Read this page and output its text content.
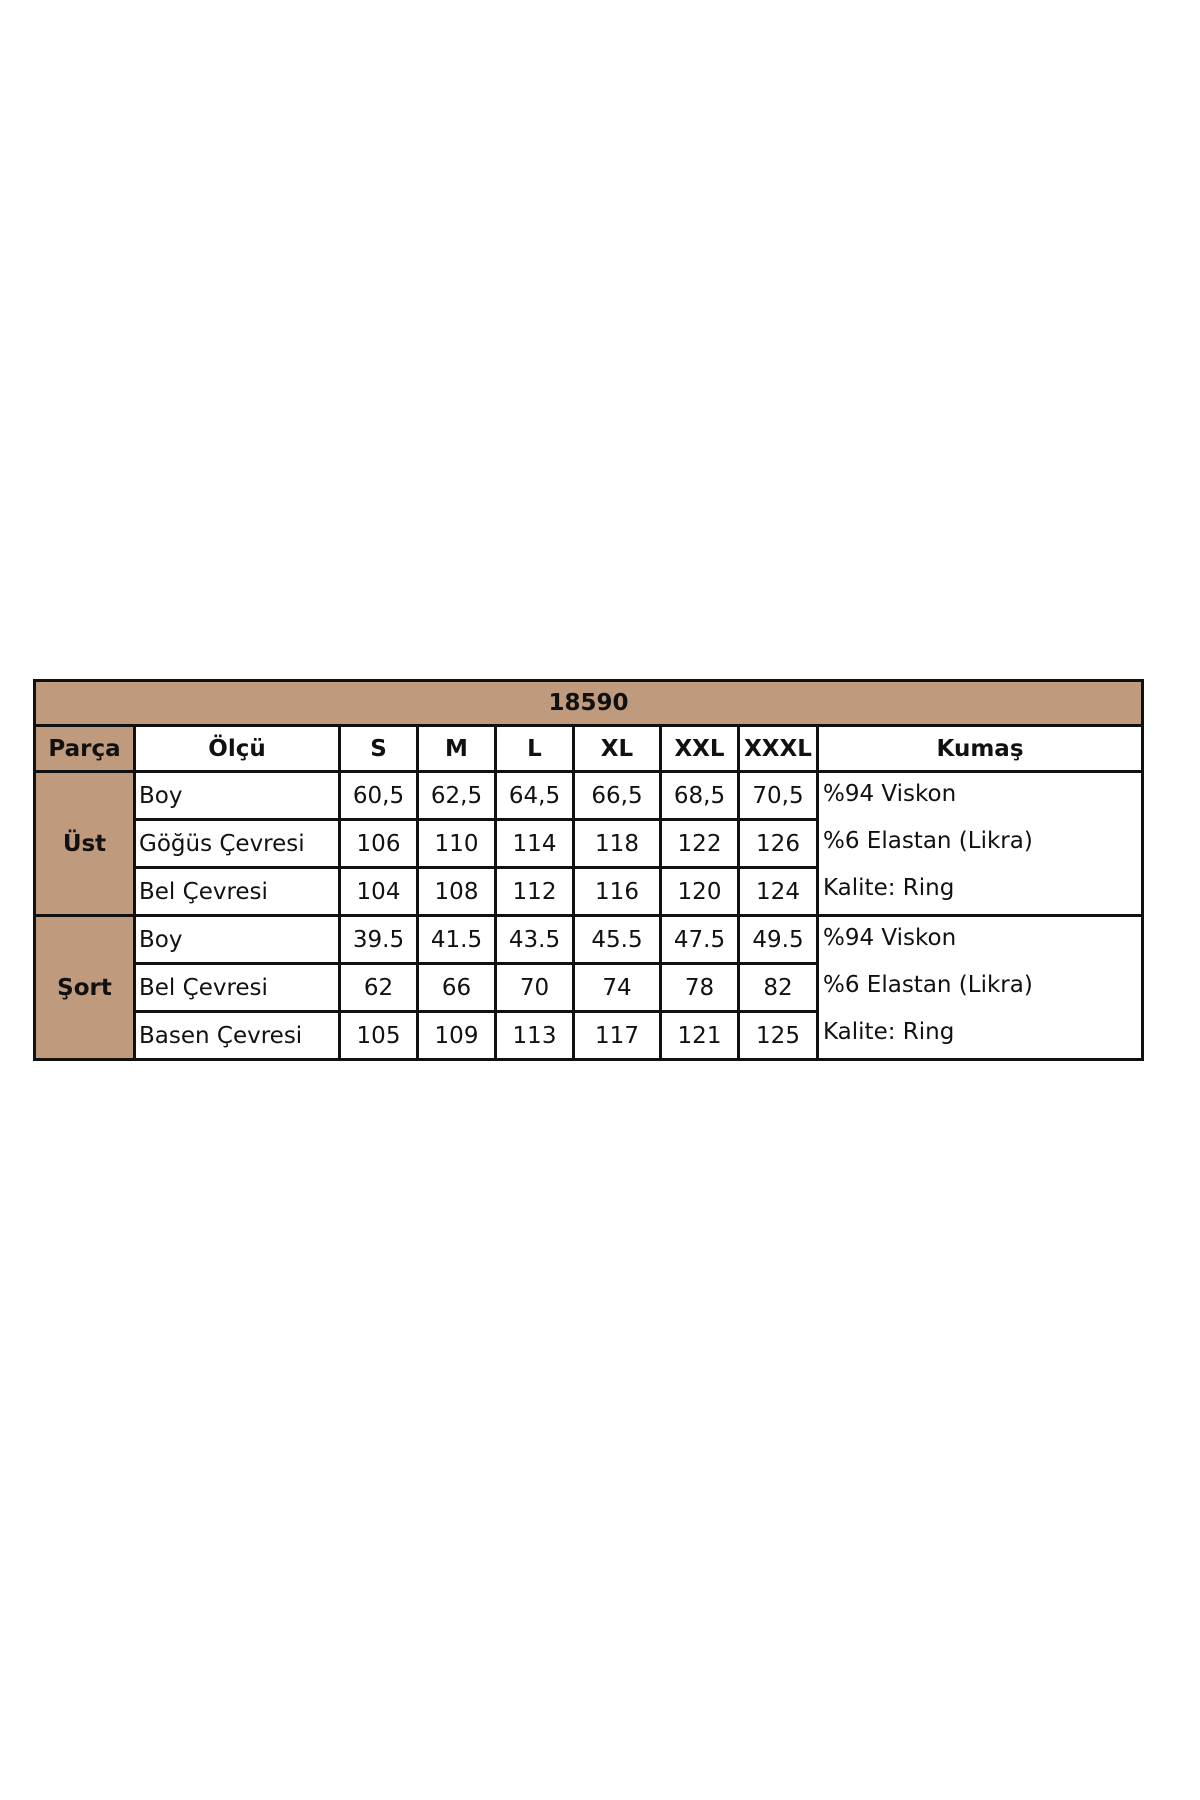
18590								
Parça	Ölçü	S	M	L	XL	XXL	XXXL	Kumaş
Üst	Boy	60,5	62,5	64,5	66,5	68,5	70,5	%94 Viskon
%6 Elastan (Likra)
Kalite: Ring

	Göğüs Çevresi	106	110	114	118	122	126	
	Bel Çevresi	104	108	112	116	120	124	
Şort	Boy	39.5	41.5	43.5	45.5	47.5	49.5	%94 Viskon
%6 Elastan (Likra)
Kalite: Ring

	Bel Çevresi	62	66	70	74	78	82	
	Basen Çevresi	105	109	113	117	121	125	
